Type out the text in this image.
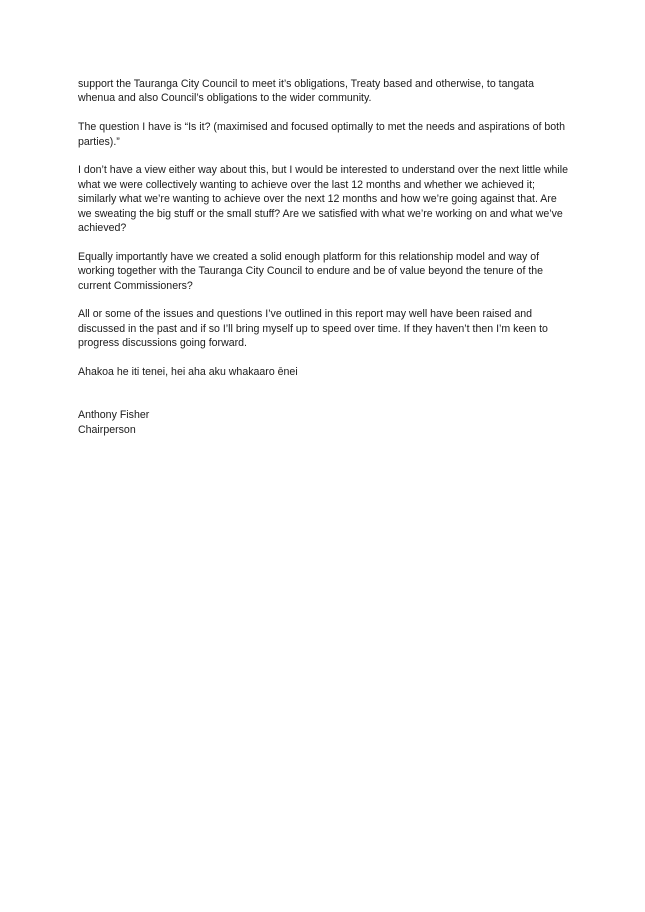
support the Tauranga City Council to meet it’s obligations, Treaty based and otherwise, to tangata whenua and also Council’s obligations to the wider community.

The question I have is “Is it? (maximised and focused optimally to met the needs and aspirations of both parties).”

I don’t have a view either way about this, but I would be interested to understand over the next little while what we were collectively wanting to achieve over the last 12 months and whether we achieved it; similarly what we’re wanting to achieve over the next 12 months and how we’re going against that. Are we sweating the big stuff or the small stuff? Are we satisfied with what we’re working on and what we’ve achieved?

Equally importantly have we created a solid enough platform for this relationship model and way of working together with the Tauranga City Council to endure and be of value beyond the tenure of the current Commissioners?

All or some of the issues and questions I’ve outlined in this report may well have been raised and discussed in the past and if so I’ll bring myself up to speed over time. If they haven’t then I’m keen to progress discussions going forward.

Ahakoa he iti tenei, hei aha aku whakaaro ēnei

Anthony Fisher

Chairperson
